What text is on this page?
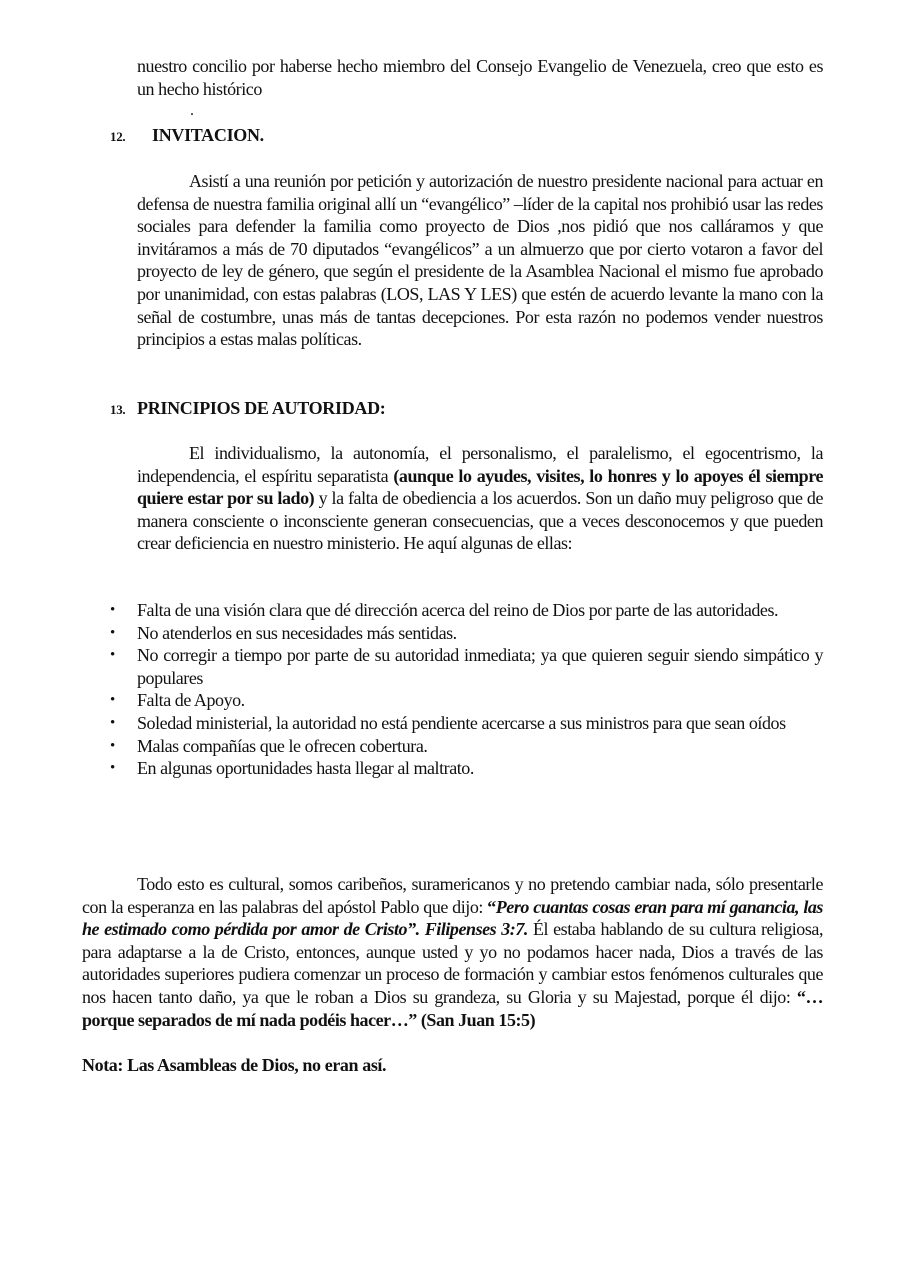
nuestro concilio por haberse hecho miembro del Consejo Evangelio de Venezuela, creo que esto es un hecho histórico

.
12. INVITACION.

Asistí a una reunión por petición y autorización de nuestro presidente nacional para actuar en defensa de nuestra familia original allí un “evangélico” –líder de la capital nos prohibió usar las redes sociales para defender la familia como proyecto de Dios ,nos pidió que nos calláramos y que invitáramos a más de 70 diputados “evangélicos” a un almuerzo que por cierto votaron a favor del proyecto de ley de género, que según el presidente de la Asamblea Nacional el mismo fue aprobado por unanimidad, con estas palabras (LOS, LAS Y LES) que estén de acuerdo levante la mano con la señal de costumbre, unas más de tantas decepciones. Por esta razón no podemos vender nuestros principios a estas malas políticas.

13. PRINCIPIOS DE AUTORIDAD:

El individualismo, la autonomía, el personalismo, el paralelismo, el egocentrismo, la independencia, el espíritu separatista (aunque lo ayudes, visites, lo honres y lo apoyes él siempre quiere estar por su lado) y la falta de obediencia a los acuerdos. Son un daño muy peligroso que de manera consciente o inconsciente generan consecuencias, que a veces desconocemos y que pueden crear deficiencia en nuestro ministerio. He aquí algunas de ellas:

• Falta de una visión clara que dé dirección acerca del reino de Dios por parte de las autoridades.
• No atenderlos en sus necesidades más sentidas.
• No corregir a tiempo por parte de su autoridad inmediata; ya que quieren seguir siendo simpático y populares
• Falta de Apoyo.
• Soledad ministerial, la autoridad no está pendiente acercarse a sus ministros para que sean oídos
• Malas compañías que le ofrecen cobertura.
• En algunas oportunidades hasta llegar al maltrato.

Todo esto es cultural, somos caribeños, suramericanos y no pretendo cambiar nada, sólo presentarle con la esperanza en las palabras del apóstol Pablo que dijo: “Pero cuantas cosas eran para mí ganancia, las he estimado como pérdida por amor de Cristo”. Filipenses 3:7. Él estaba hablando de su cultura religiosa, para adaptarse a la de Cristo, entonces, aunque usted y yo no podamos hacer nada, Dios a través de las autoridades superiores pudiera comenzar un proceso de formación y cambiar estos fenómenos culturales que nos hacen tanto daño, ya que le roban a Dios su grandeza, su Gloria y su Majestad, porque él dijo: “…porque separados de mí nada podéis hacer…” (San Juan 15:5)

Nota: Las Asambleas de Dios, no eran así.
